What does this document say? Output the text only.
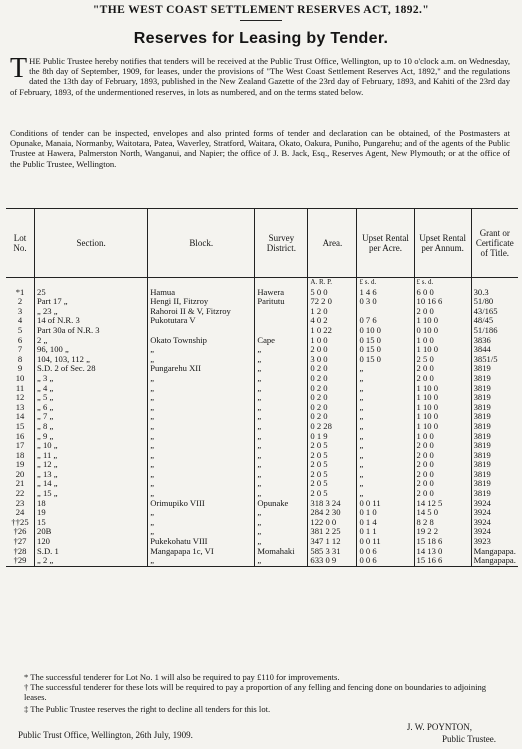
"THE WEST COAST SETTLEMENT RESERVES ACT, 1892."
Reserves for Leasing by Tender.
T HE Public Trustee hereby notifies that tenders will be received at the Public Trust Office, Wellington, up to 10 o'clock a.m. on Wednesday, the 8th day of September, 1909, for leases, under the provisions of "The West Coast Settlement Reserves Act, 1892," and the regulations dated the 13th day of February, 1893, published in the New Zealand Gazette of the 23rd day of February, 1893, and Kahiti of the 23rd day of February, 1893, of the undermentioned reserves, in lots as numbered, and on the terms stated below.
Conditions of tender can be inspected, envelopes and also printed forms of tender and declaration can be obtained, of the Postmasters at Opunake, Manaia, Normanby, Waitotara, Patea, Waverley, Stratford, Waitara, Okato, Oakura, Puniho, Pungarehu; and of the agents of the Public Trustee at Hawera, Palmerston North, Wanganui, and Napier; the office of J. B. Jack, Esq., Reserves Agent, New Plymouth; or at the office of the Public Trustee, Wellington.
Lot No.	Section.	Block.	Survey District.	Area.	Upset Rental per Acre.	Upset Rental per Annum.	Grant or Certificate of Title.
				A. R. P.	£ s. d.	£ s. d.	
*1	25	Hamua	Hawera	5 0 0	1 4 6	6 0 0	30.3
2	Part 17 „	Hengi II, Fitzroy	Paritutu	72 2 0	0 3 0	10 16 6	51/80
3	„ 23 „	Rahoroi II & V, Fitzroy		1 2 0		2 0 0	43/165
4	14 of N.R. 3	Pukotutara V		4 0 2	0 7 6	1 10 0	48/45
5	Part 30a of N.R. 3			1 0 22	0 10 0	0 10 0	51/186
6	2 „	Okato Township	Cape	1 0 0	0 15 0	1 0 0	3836
7	96, 100 „	„	„	2 0 0	0 15 0	1 10 0	3844
8	104, 103, 112 „	„	„	3 0 0	0 15 0	2 5 0	3851/5
9	S.D. 2 of Sec. 28	Pungarehu XII	„	0 2 0	„	2 0 0	3819
10	„ 3 „	„	„	0 2 0	„	2 0 0	3819
11	„ 4 „	„	„	0 2 0	„	1 10 0	3819
12	„ 5 „	„	„	0 2 0	„	1 10 0	3819
13	„ 6 „	„	„	0 2 0	„	1 10 0	3819
14	„ 7 „	„	„	0 2 0	„	1 10 0	3819
15	„ 8 „	„	„	0 2 28	„	1 10 0	3819
16	„ 9 „	„	„	0 1 9	„	1 0 0	3819
17	„ 10 „	„	„	2 0 5	„	2 0 0	3819
18	„ 11 „	„	„	2 0 5	„	2 0 0	3819
19	„ 12 „	„	„	2 0 5	„	2 0 0	3819
20	„ 13 „	„	„	2 0 5	„	2 0 0	3819
21	„ 14 „	„	„	2 0 5	„	2 0 0	3819
22	„ 15 „	„	„	2 0 5	„	2 0 0	3819
23	18	Orimupiko VIII	Opunake	318 3 24	0 0 11	14 12 5	3924
24	19	„	„	284 2 30	0 1 0	14 5 0	3924
††25	15	„	„	122 0 0	0 1 4	8 2 8	3924
†26	20B	„	„	381 2 25	0 1 1	19 2 2	3924
†27	120	Pukekohatu VIII	„	347 1 12	0 0 11	15 18 6	3923
†28	S.D. 1	Mangapapa 1c, VI	Momahaki	585 3 31	0 0 6	14 13 0	Mangapapa.
†29	„ 2 „	„	„	633 0 9	0 0 6	15 16 6	Mangapapa.
* The successful tenderer for Lot No. 1 will also be required to pay £110 for improvements.
† The successful tenderer for these lots will be required to pay a proportion of any felling and fencing done on boundaries to adjoining leases.
‡ The Public Trustee reserves the right to decline all tenders for this lot.
Public Trust Office, Wellington, 26th July, 1909.
J. W. POYNTON,
Public Trustee.
